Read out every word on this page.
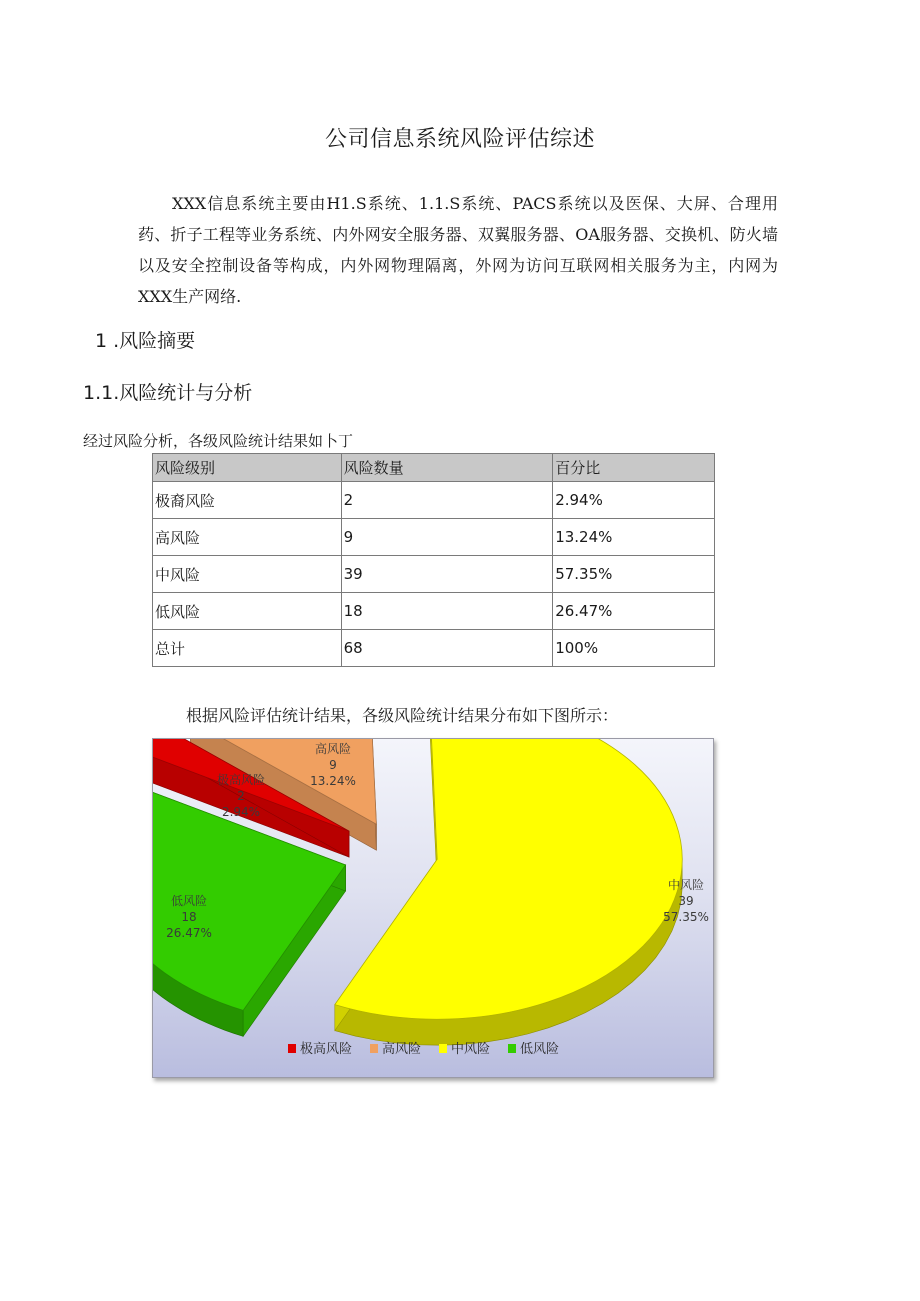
公司信息系统风险评估综述
XXX信息系统主要由H1.S系统、1.1.S系统、PACS系统以及医保、大屏、合理用药、折子工程等业务系统、内外网安全服务器、双翼服务器、OA服务器、交换机、防火墙以及安全控制设备等构成，内外网物理隔离，外网为访问互联网相关服务为主，内网为XXX生产网络.
1 .风险摘要
1.1.风险统计与分析
经过风险分析，各级风险统计结果如卜丁
风险级别	风险数量	百分比
极裔风险	2	2.94%
高风险	9	13.24%
中风险	39	57.35%
低风险	18	26.47%
总计	68	100%
根据风险评估统计结果，各级风险统计结果分布如下图所示：
极高风险
2
2.94%
高风险
9
13.24%
中风险
39
57.35%
低风险
18
26.47%
极高风险 高风险 中风险 低风险
